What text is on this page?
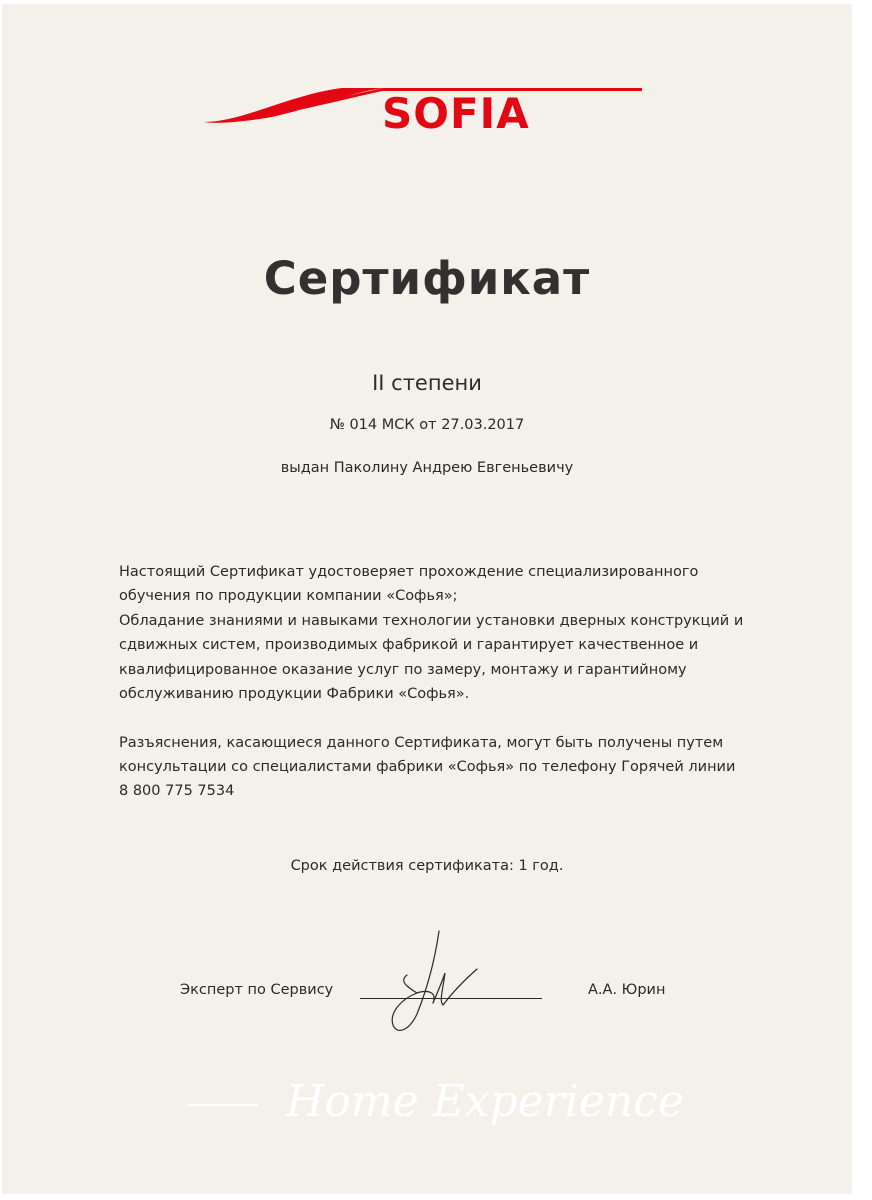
SOFIA
Сертификат
II степени
№ 014 МСК от 27.03.2017
выдан Паколину Андрею Евгеньевичу
Настоящий Сертификат удостоверяет прохождение специализированного
обучения по продукции компании «Софья»;
Обладание знаниями и навыками технологии установки дверных конструкций и
сдвижных систем, производимых фабрикой и гарантирует качественное и
квалифицированное оказание услуг по замеру, монтажу и гарантийному
обслуживанию продукции Фабрики «Софья».
Разъяснения, касающиеся данного Сертификата, могут быть получены путем
консультации со специалистами фабрики «Софья» по телефону Горячей линии
8 800 775 7534
Срок действия сертификата: 1 год.
Эксперт по Сервису	А.А. Юрин
Home Experience
